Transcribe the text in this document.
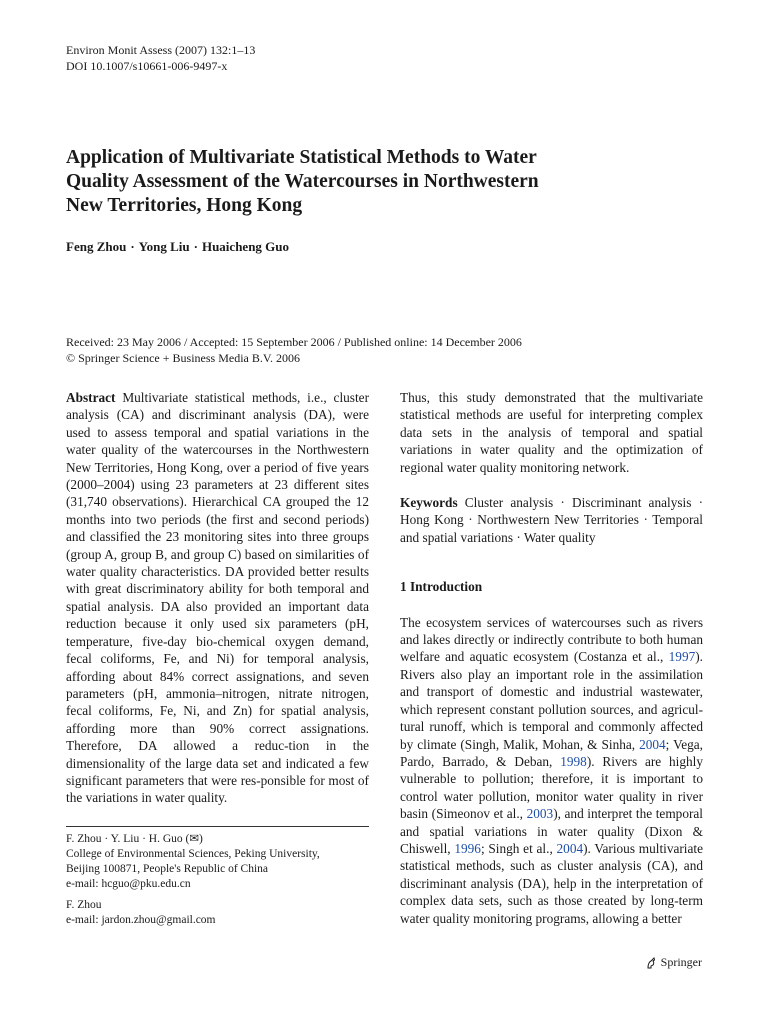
Environ Monit Assess (2007) 132:1–13
DOI 10.1007/s10661-006-9497-x
Application of Multivariate Statistical Methods to Water
Quality Assessment of the Watercourses in Northwestern
New Territories, Hong Kong
Feng Zhou · Yong Liu · Huaicheng Guo
Received: 23 May 2006 / Accepted: 15 September 2006 / Published online: 14 December 2006
© Springer Science + Business Media B.V. 2006

Abstract Multivariate statistical methods, i.e., cluster analysis (CA) and discriminant analysis (DA), were used to assess temporal and spatial variations in the water quality of the watercourses in the Northwestern New Territories, Hong Kong, over a period of five years (2000–2004) using 23 parameters at 23 different sites (31,740 observations). Hierarchical CA grouped the 12 months into two periods (the first and second periods) and classified the 23 monitoring sites into three groups (group A, group B, and group C) based on similarities of water quality characteristics. DA provided better results with great discriminatory ability for both temporal and spatial analysis. DA also provided an important data reduction because it only used six parameters (pH, temperature, five-day bio-chemical oxygen demand, fecal coliforms, Fe, and Ni) for temporal analysis, affording about 84% correct assignations, and seven parameters (pH, ammonia–nitrogen, nitrate nitrogen, fecal coliforms, Fe, Ni, and Zn) for spatial analysis, affording more than 90% correct assignations. Therefore, DA allowed a reduc-tion in the dimensionality of the large data set and indicated a few significant parameters that were res-ponsible for most of the variations in water quality.

F. Zhou · Y. Liu · H. Guo (✉)
College of Environmental Sciences, Peking University,
Beijing 100871, People's Republic of China
e-mail: hcguo@pku.edu.cn
F. Zhou
e-mail: jardon.zhou@gmail.com

Thus, this study demonstrated that the multivariate statistical methods are useful for interpreting complex data sets in the analysis of temporal and spatial variations in water quality and the optimization of regional water quality monitoring network.

Keywords Cluster analysis · Discriminant analysis · Hong Kong · Northwestern New Territories · Temporal and spatial variations · Water quality

1 Introduction

The ecosystem services of watercourses such as rivers and lakes directly or indirectly contribute to both human welfare and aquatic ecosystem (Costanza et al., 1997). Rivers also play an important role in the assimilation and transport of domestic and industrial wastewater, which represent constant pollution sources, and agricul-tural runoff, which is temporal and commonly affected by climate (Singh, Malik, Mohan, & Sinha, 2004; Vega, Pardo, Barrado, & Deban, 1998). Rivers are highly vulnerable to pollution; therefore, it is important to control water pollution, monitor water quality in river basin (Simeonov et al., 2003), and interpret the temporal and spatial variations in water quality (Dixon & Chiswell, 1996; Singh et al., 2004). Various multivariate statistical methods, such as cluster analysis (CA), and discriminant analysis (DA), help in the interpretation of complex data sets, such as those created by long-term water quality monitoring programs, allowing a better

Springer
